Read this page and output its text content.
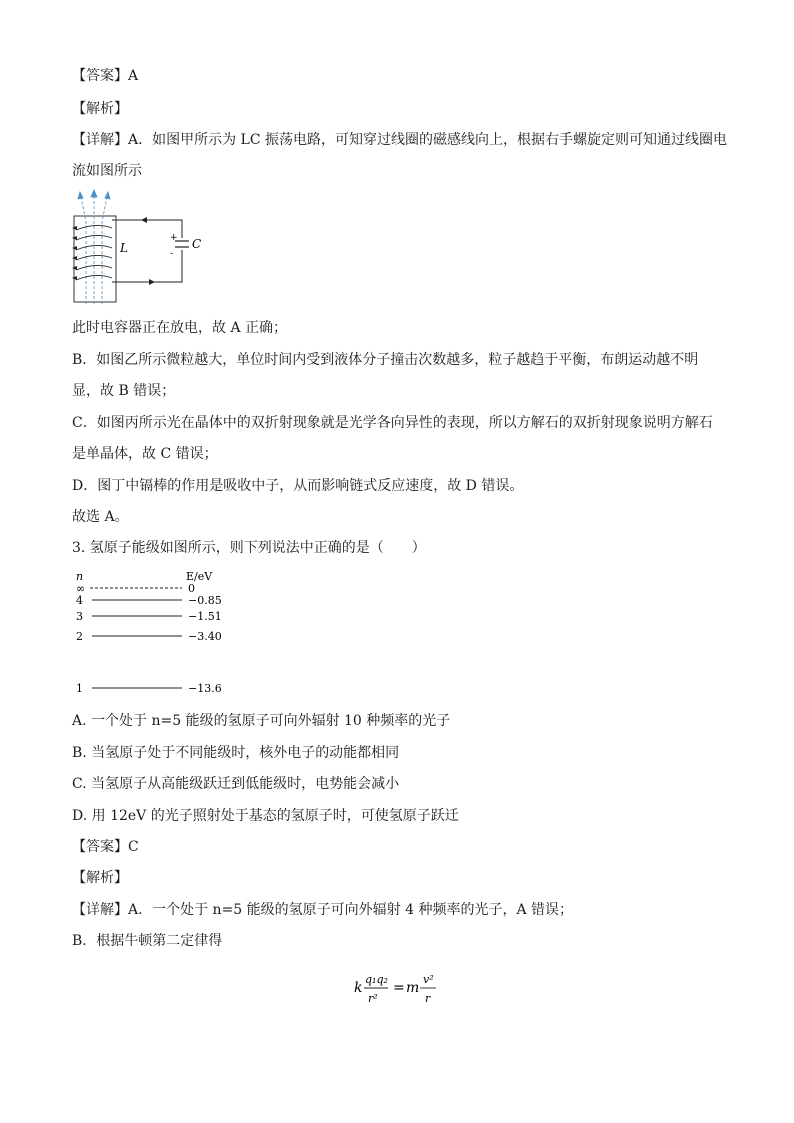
【答案】A
【解析】
【详解】A．如图甲所示为 LC 振荡电路，可知穿过线圈的磁感线向上，根据右手螺旋定则可知通过线圈电
流如图所示
+
-
C
L
此时电容器正在放电，故 A 正确；
B．如图乙所示微粒越大，单位时间内受到液体分子撞击次数越多，粒子越趋于平衡，布朗运动越不明
显，故 B 错误；
C．如图丙所示光在晶体中的双折射现象就是光学各向异性的表现，所以方解石的双折射现象说明方解石
是单晶体，故 C 错误；
D．图丁中镉棒的作用是吸收中子，从而影响链式反应速度，故 D 错误。
故选 A。
3. 氢原子能级如图所示，则下列说法中正确的是（　　）
n	E/eV
∞	0
4	−0.85
3	−1.51
2	−3.40
1	−13.6
A. 一个处于 n=5 能级的氢原子可向外辐射 10 种频率的光子
B. 当氢原子处于不同能级时，核外电子的动能都相同
C. 当氢原子从高能级跃迁到低能级时，电势能会减小
D. 用 12eV 的光子照射处于基态的氢原子时，可使氢原子跃迁
【答案】C
【解析】
【详解】A．一个处于 n=5 能级的氢原子可向外辐射 4 种频率的光子，A 错误；
B．根据牛顿第二定律得
k
q₁q₂
r²
= m
v²
r
